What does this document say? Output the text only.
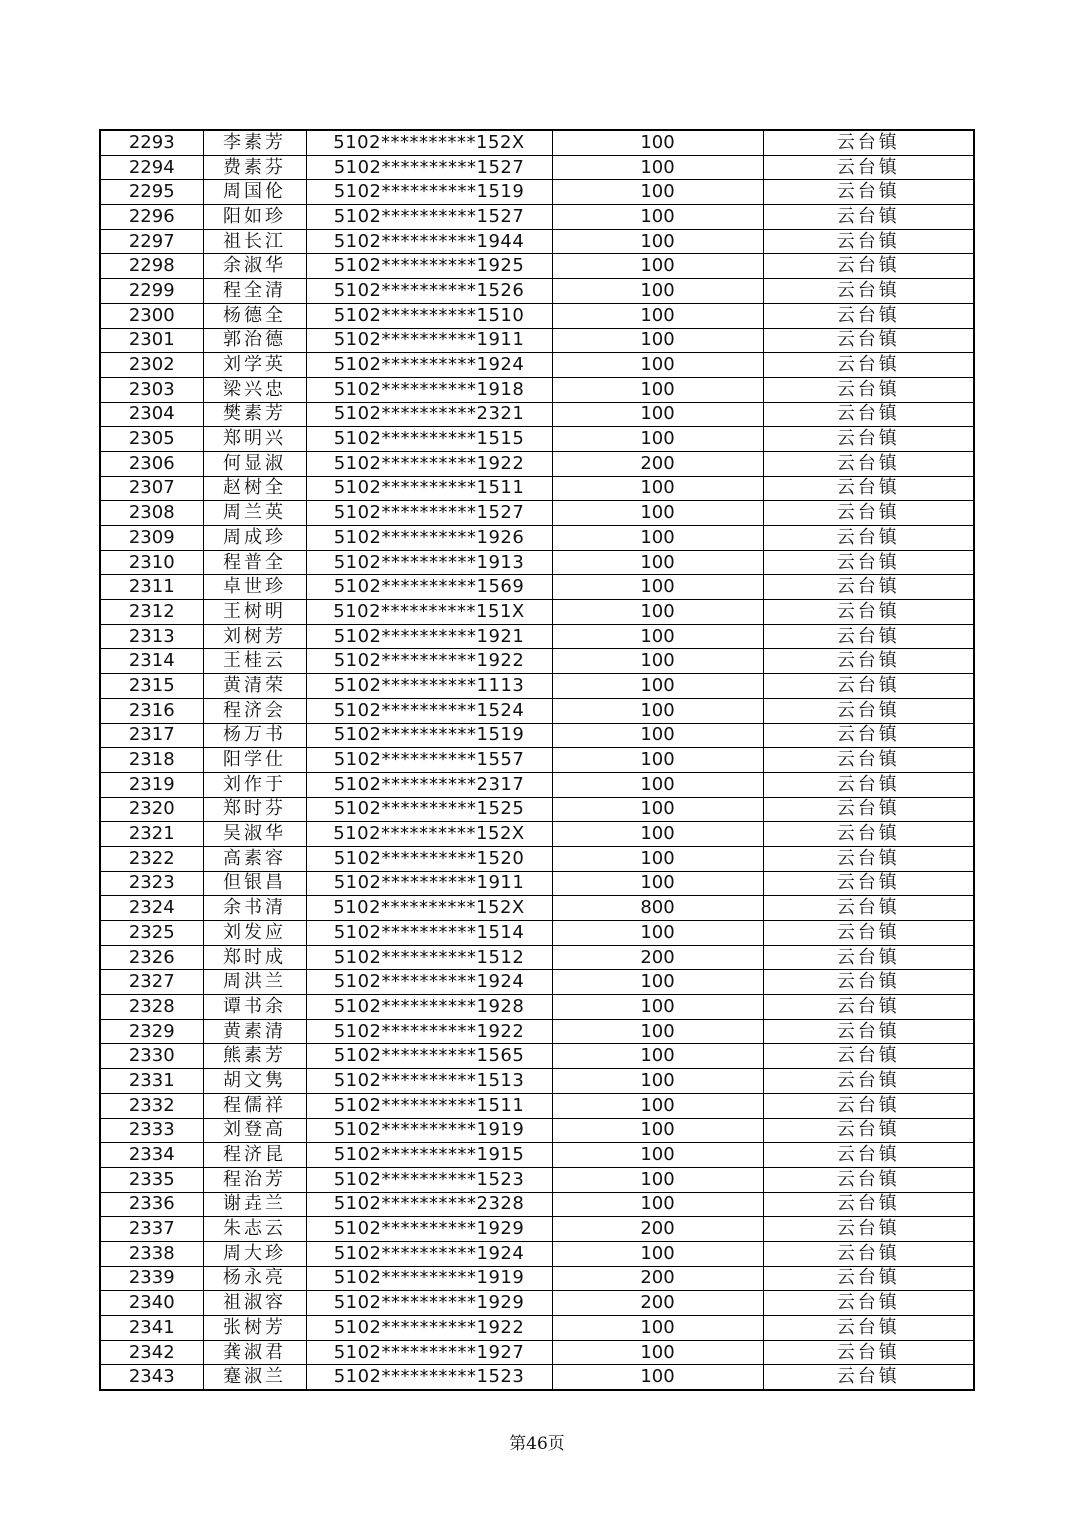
2293	李素芳	5102**********152X	100	云台镇
2294	费素芬	5102**********1527	100	云台镇
2295	周国伦	5102**********1519	100	云台镇
2296	阳如珍	5102**********1527	100	云台镇
2297	祖长江	5102**********1944	100	云台镇
2298	余淑华	5102**********1925	100	云台镇
2299	程全清	5102**********1526	100	云台镇
2300	杨德全	5102**********1510	100	云台镇
2301	郭治德	5102**********1911	100	云台镇
2302	刘学英	5102**********1924	100	云台镇
2303	梁兴忠	5102**********1918	100	云台镇
2304	樊素芳	5102**********2321	100	云台镇
2305	郑明兴	5102**********1515	100	云台镇
2306	何显淑	5102**********1922	200	云台镇
2307	赵树全	5102**********1511	100	云台镇
2308	周兰英	5102**********1527	100	云台镇
2309	周成珍	5102**********1926	100	云台镇
2310	程普全	5102**********1913	100	云台镇
2311	卓世珍	5102**********1569	100	云台镇
2312	王树明	5102**********151X	100	云台镇
2313	刘树芳	5102**********1921	100	云台镇
2314	王桂云	5102**********1922	100	云台镇
2315	黄清荣	5102**********1113	100	云台镇
2316	程济会	5102**********1524	100	云台镇
2317	杨万书	5102**********1519	100	云台镇
2318	阳学仕	5102**********1557	100	云台镇
2319	刘作于	5102**********2317	100	云台镇
2320	郑时芬	5102**********1525	100	云台镇
2321	吴淑华	5102**********152X	100	云台镇
2322	高素容	5102**********1520	100	云台镇
2323	但银昌	5102**********1911	100	云台镇
2324	余书清	5102**********152X	800	云台镇
2325	刘发应	5102**********1514	100	云台镇
2326	郑时成	5102**********1512	200	云台镇
2327	周洪兰	5102**********1924	100	云台镇
2328	谭书余	5102**********1928	100	云台镇
2329	黄素清	5102**********1922	100	云台镇
2330	熊素芳	5102**********1565	100	云台镇
2331	胡文隽	5102**********1513	100	云台镇
2332	程儒祥	5102**********1511	100	云台镇
2333	刘登高	5102**********1919	100	云台镇
2334	程济昆	5102**********1915	100	云台镇
2335	程治芳	5102**********1523	100	云台镇
2336	谢垚兰	5102**********2328	100	云台镇
2337	朱志云	5102**********1929	200	云台镇
2338	周大珍	5102**********1924	100	云台镇
2339	杨永亮	5102**********1919	200	云台镇
2340	祖淑容	5102**********1929	200	云台镇
2341	张树芳	5102**********1922	100	云台镇
2342	龚淑君	5102**********1927	100	云台镇
2343	蹇淑兰	5102**********1523	100	云台镇
第46页
